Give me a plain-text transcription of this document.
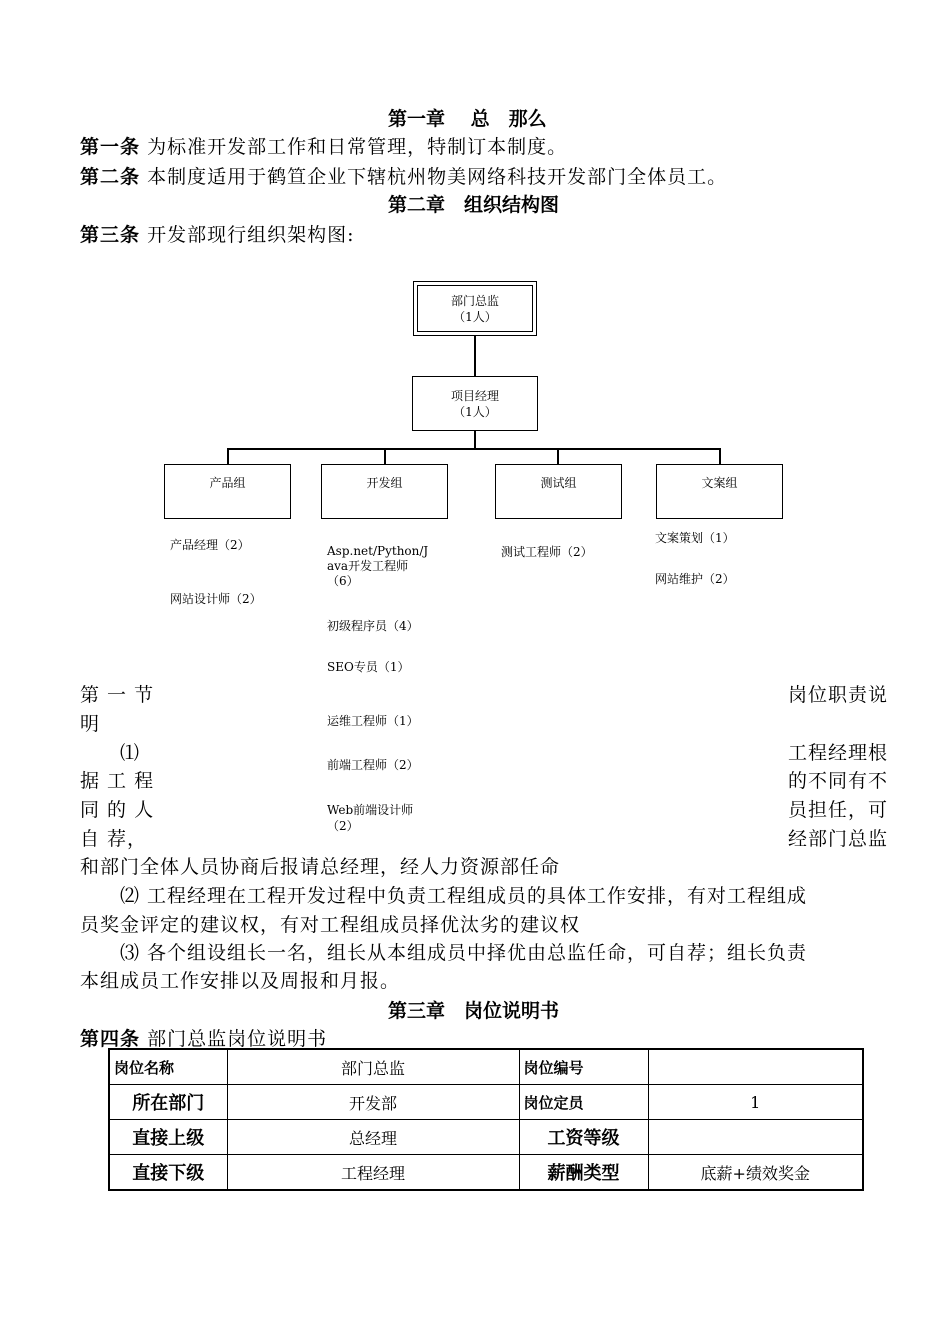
第一章　 总　那么
第一条 为标准开发部工作和日常管理，特制订本制度。
第二条 本制度适用于鹤笪企业下辖杭州物美网络科技开发部门全体员工。
第二章　组织结构图
第三条 开发部现行组织架构图:
部门总监
（1人）
项目经理
（1人）
产品组	开发组	测试组	文案组
产品经理（2）
网站设计师（2）
Asp.net/Python/J
ava开发工程师
（6）
初级程序员（4）
SEO专员（1）
运维工程师（1）
前端工程师（2）
Web前端设计师
（2）
测试工程师（2）
文案策划（1）
网站维护（2）
第 一 节	岗位职责说
明
⑴	工程经理根
据 工 程	的不同有不
同 的 人	员担任，可
自 荐，	经部门总监
和部门全体人员协商后报请总经理，经人力资源部任命
⑵ 工程经理在工程开发过程中负责工程组成员的具体工作安排，有对工程组成
员奖金评定的建议权，有对工程组成员择优汰劣的建议权
⑶ 各个组设组长一名，组长从本组成员中择优由总监任命，可自荐；组长负责
本组成员工作安排以及周报和月报。
第三章　岗位说明书
第四条 部门总监岗位说明书
岗位名称	部门总监	岗位编号	
所在部门	开发部	岗位定员	1
直接上级	总经理	工资等级	
直接下级	工程经理	薪酬类型	底薪+绩效奖金
